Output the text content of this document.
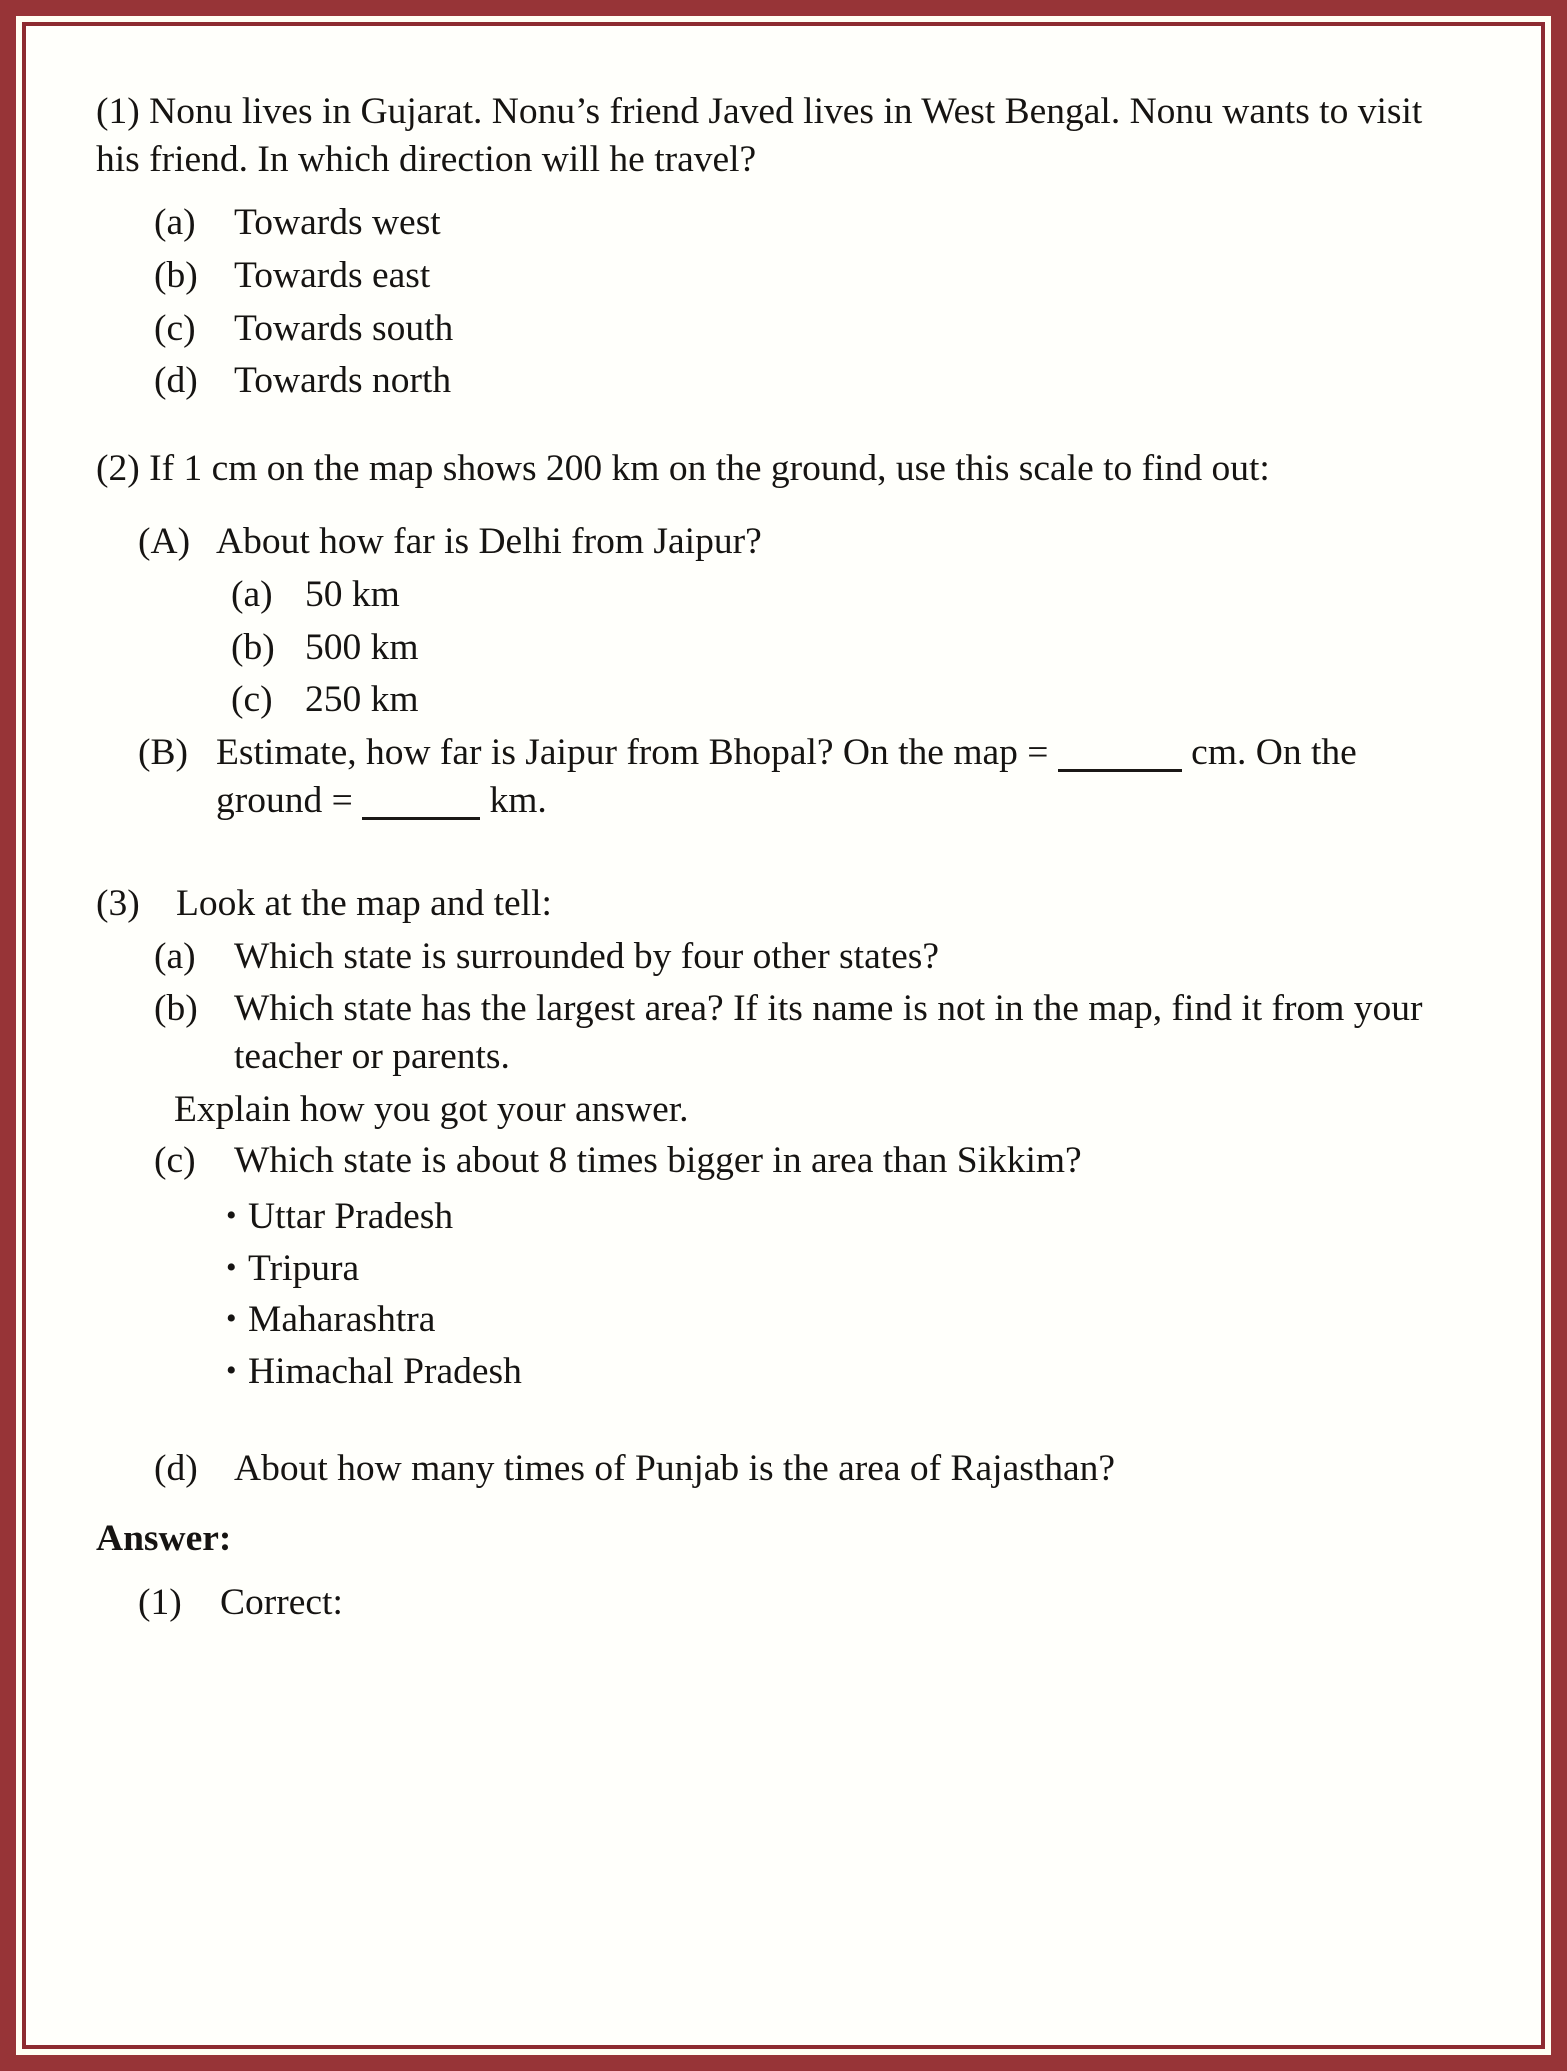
(1) Nonu lives in Gujarat. Nonu’s friend Javed lives in West Bengal. Nonu wants to visit his friend. In which direction will he travel?

(a)	Towards west
(b) Towards east
(c)	Towards south
(d) Towards north

(2) If 1 cm on the map shows 200 km on the ground, use this scale to find out:

(A) About how far is Delhi from Jaipur?
(a) 50 km
(b) 500 km
(c) 250 km
(B) Estimate, how far is Jaipur from Bhopal? On the map =	cm. On the ground =	km.
(3) Look at the map and tell:
(a)	Which state is surrounded by four other states?
(b) Which state has the largest area? If its name is not in the map, find it from your teacher or parents.
Explain how you got your answer.
(c)	Which state is about 8 times bigger in area than Sikkim?
• Uttar Pradesh
• Tripura
• Maharashtra
• Himachal Pradesh
(d) About how many times of Punjab is the area of Rajasthan?

Answer:

(1)	Correct:
